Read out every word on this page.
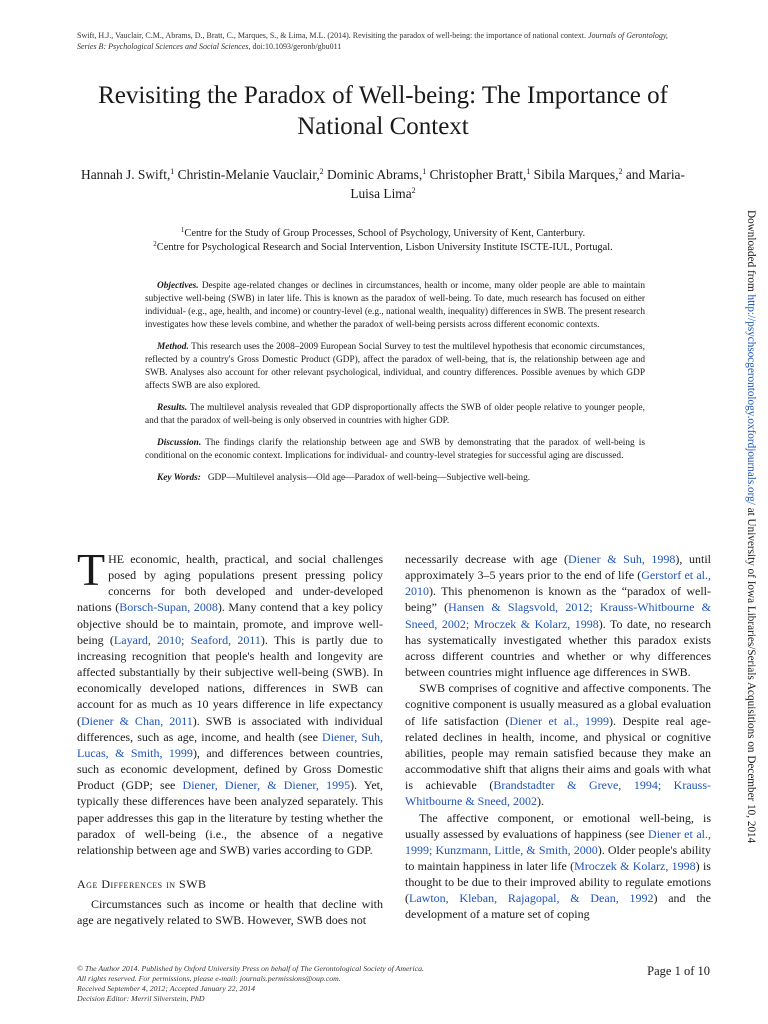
Swift, H.J., Vauclair, C.M., Abrams, D., Bratt, C., Marques, S., & Lima, M.L. (2014). Revisiting the paradox of well-being: the importance of national context. Journals of Gerontology, Series B: Psychological Sciences and Social Sciences, doi:10.1093/geronb/gbu011
Revisiting the Paradox of Well-being: The Importance of
National Context
Hannah J. Swift,$^1$ Christin-Melanie Vauclair,$^2$ Dominic Abrams,$^1$ Christopher Bratt,$^1$ Sibila Marques,$^2$ and Maria-Luisa Lima$^2$
$^1$Centre for the Study of Group Processes, School of Psychology, University of Kent, Canterbury.
$^2$Centre for Psychological Research and Social Intervention, Lisbon University Institute ISCTE-IUL, Portugal.

Objectives. Despite age-related changes or declines in circumstances, health or income, many older people are able to maintain subjective well-being (SWB) in later life. This is known as the paradox of well-being. To date, much research has focused on either individual- (e.g., age, health, and income) or country-level (e.g., national wealth, inequality) differences in SWB. The present research investigates how these levels combine, and whether the paradox of well-being persists across different economic contexts.

Method. This research uses the 2008–2009 European Social Survey to test the multilevel hypothesis that economic circumstances, reflected by a country's Gross Domestic Product (GDP), affect the paradox of well-being, that is, the relationship between age and SWB. Analyses also account for other relevant psychological, individual, and country differences. Possible avenues by which GDP affects SWB are also explored.

Results. The multilevel analysis revealed that GDP disproportionally affects the SWB of older people relative to younger people, and that the paradox of well-being is only observed in countries with higher GDP.

Discussion. The findings clarify the relationship between age and SWB by demonstrating that the paradox of well-being is conditional on the economic context. Implications for individual- and country-level strategies for successful aging are discussed.

Key Words: GDP—Multilevel analysis—Old age—Paradox of well-being—Subjective well-being.

THE economic, health, practical, and social challenges posed by aging populations present pressing policy concerns for both developed and under-developed nations (Borsch-Supan, 2008). Many contend that a key policy objective should be to maintain, promote, and improve well-being (Layard, 2010; Seaford, 2011). This is partly due to increasing recognition that people's health and longevity are affected substantially by their subjective well-being (SWB). In economically developed nations, differences in SWB can account for as much as 10 years difference in life expectancy (Diener & Chan, 2011). SWB is associated with individual differences, such as age, income, and health (see Diener, Suh, Lucas, & Smith, 1999), and differences between countries, such as economic development, defined by Gross Domestic Product (GDP; see Diener, Diener, & Diener, 1995). Yet, typically these differences have been analyzed separately. This paper addresses this gap in the literature by testing whether the paradox of well-being (i.e., the absence of a negative relationship between age and SWB) varies according to GDP.

Age Differences in SWB

Circumstances such as income or health that decline with age are negatively related to SWB. However, SWB does not

necessarily decrease with age (Diener & Suh, 1998), until approximately 3–5 years prior to the end of life (Gerstorf et al., 2010). This phenomenon is known as the “paradox of well-being” (Hansen & Slagsvold, 2012; Krauss-Whitbourne & Sneed, 2002; Mroczek & Kolarz, 1998). To date, no research has systematically investigated whether this paradox exists across different countries and whether or why differences between countries might influence age differences in SWB.

SWB comprises of cognitive and affective components. The cognitive component is usually measured as a global evaluation of life satisfaction (Diener et al., 1999). Despite real age-related declines in health, income, and physical or cognitive abilities, people may remain satisfied because they make an accommodative shift that aligns their aims and goals with what is achievable (Brandstadter & Greve, 1994; Krauss-Whitbourne & Sneed, 2002).

The affective component, or emotional well-being, is usually assessed by evaluations of happiness (see Diener et al., 1999; Kunzmann, Little, & Smith, 2000). Older people's ability to maintain happiness in later life (Mroczek & Kolarz, 1998) is thought to be due to their improved ability to regulate emotions (Lawton, Kleban, Rajagopal, & Dean, 1992) and the development of a mature set of coping

Downloaded from http://psychsocgerontology.oxfordjournals.org/ at University of Iowa Libraries/Serials Acquisitions on December 10, 2014
© The Author 2014. Published by Oxford University Press on behalf of The Gerontological Society of America.
All rights reserved. For permissions, please e-mail: journals.permissions@oup.com.
Received September 4, 2012; Accepted January 22, 2014
Decision Editor: Merril Silverstein, PhD
Page 1 of 10
